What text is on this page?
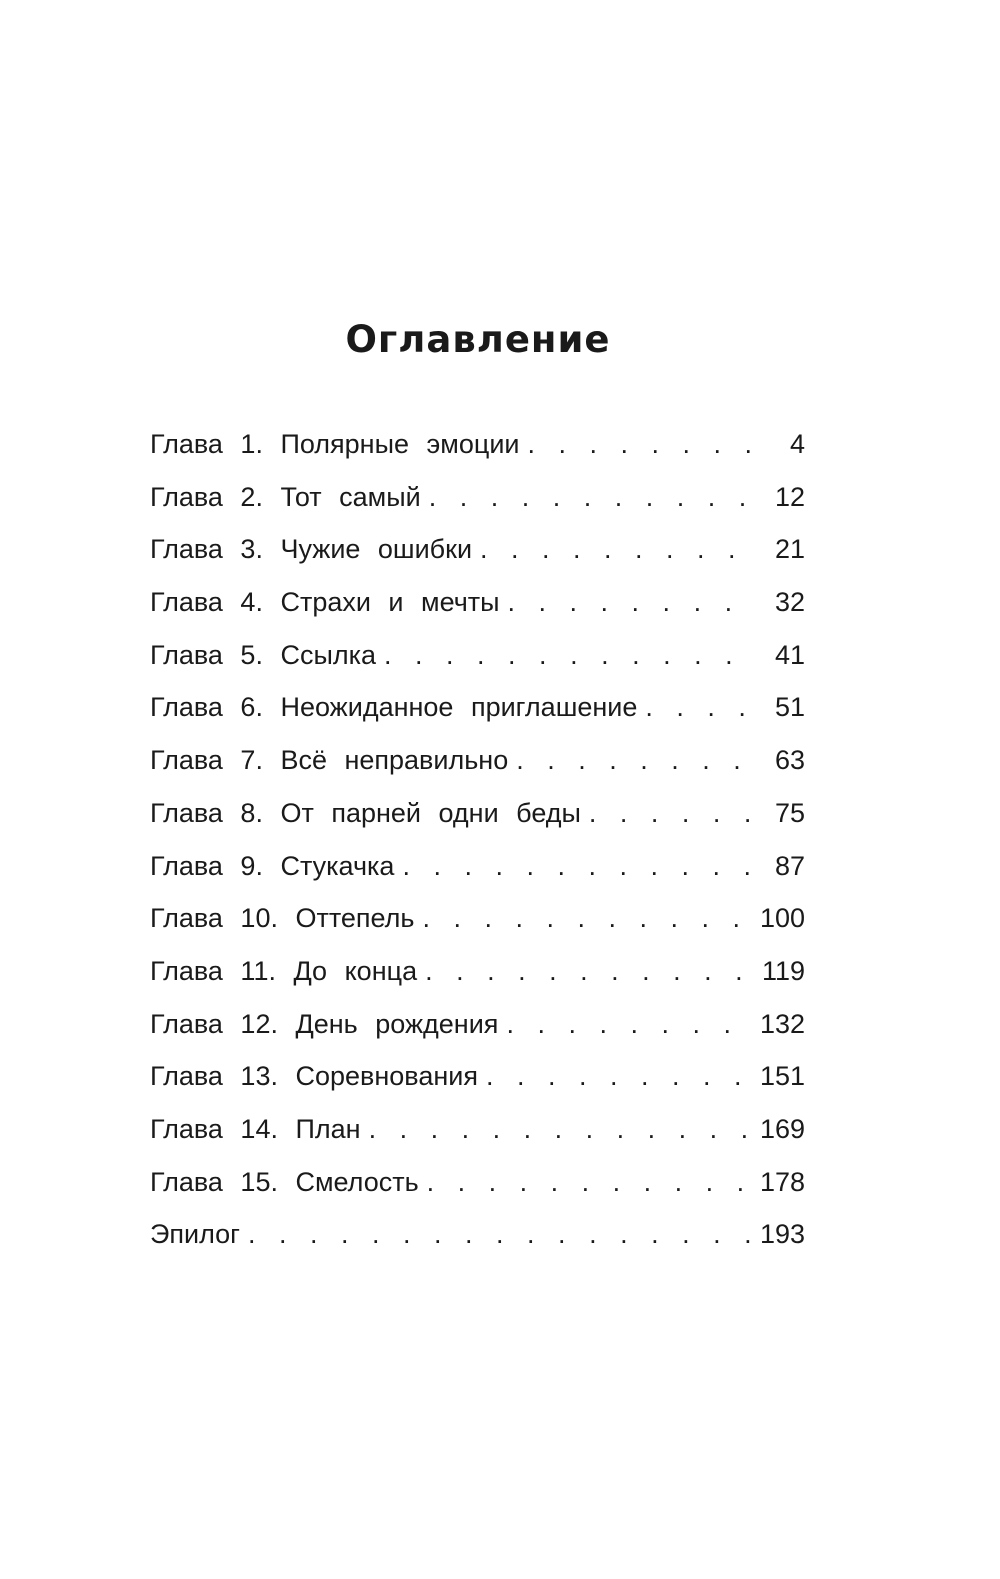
Оглавление
Глава 1. Полярные эмоции . . .	4
Глава 2. Тот самый . . .	12
Глава 3. Чужие ошибки . . .	21
Глава 4. Страхи и мечты . . .	32
Глава 5. Ссылка . . .	41
Глава 6. Неожиданное приглашение . . .	51
Глава 7. Всё неправильно . . .	63
Глава 8. От парней одни беды . . .	75
Глава 9. Стукачка . . .	87
Глава 10. Оттепель . . .	100
Глава 11. До конца . . .	119
Глава 12. День рождения . . .	132
Глава 13. Соревнования . . .	151
Глава 14. План . . .	169
Глава 15. Смелость . . .	178
Эпилог . . .	193
